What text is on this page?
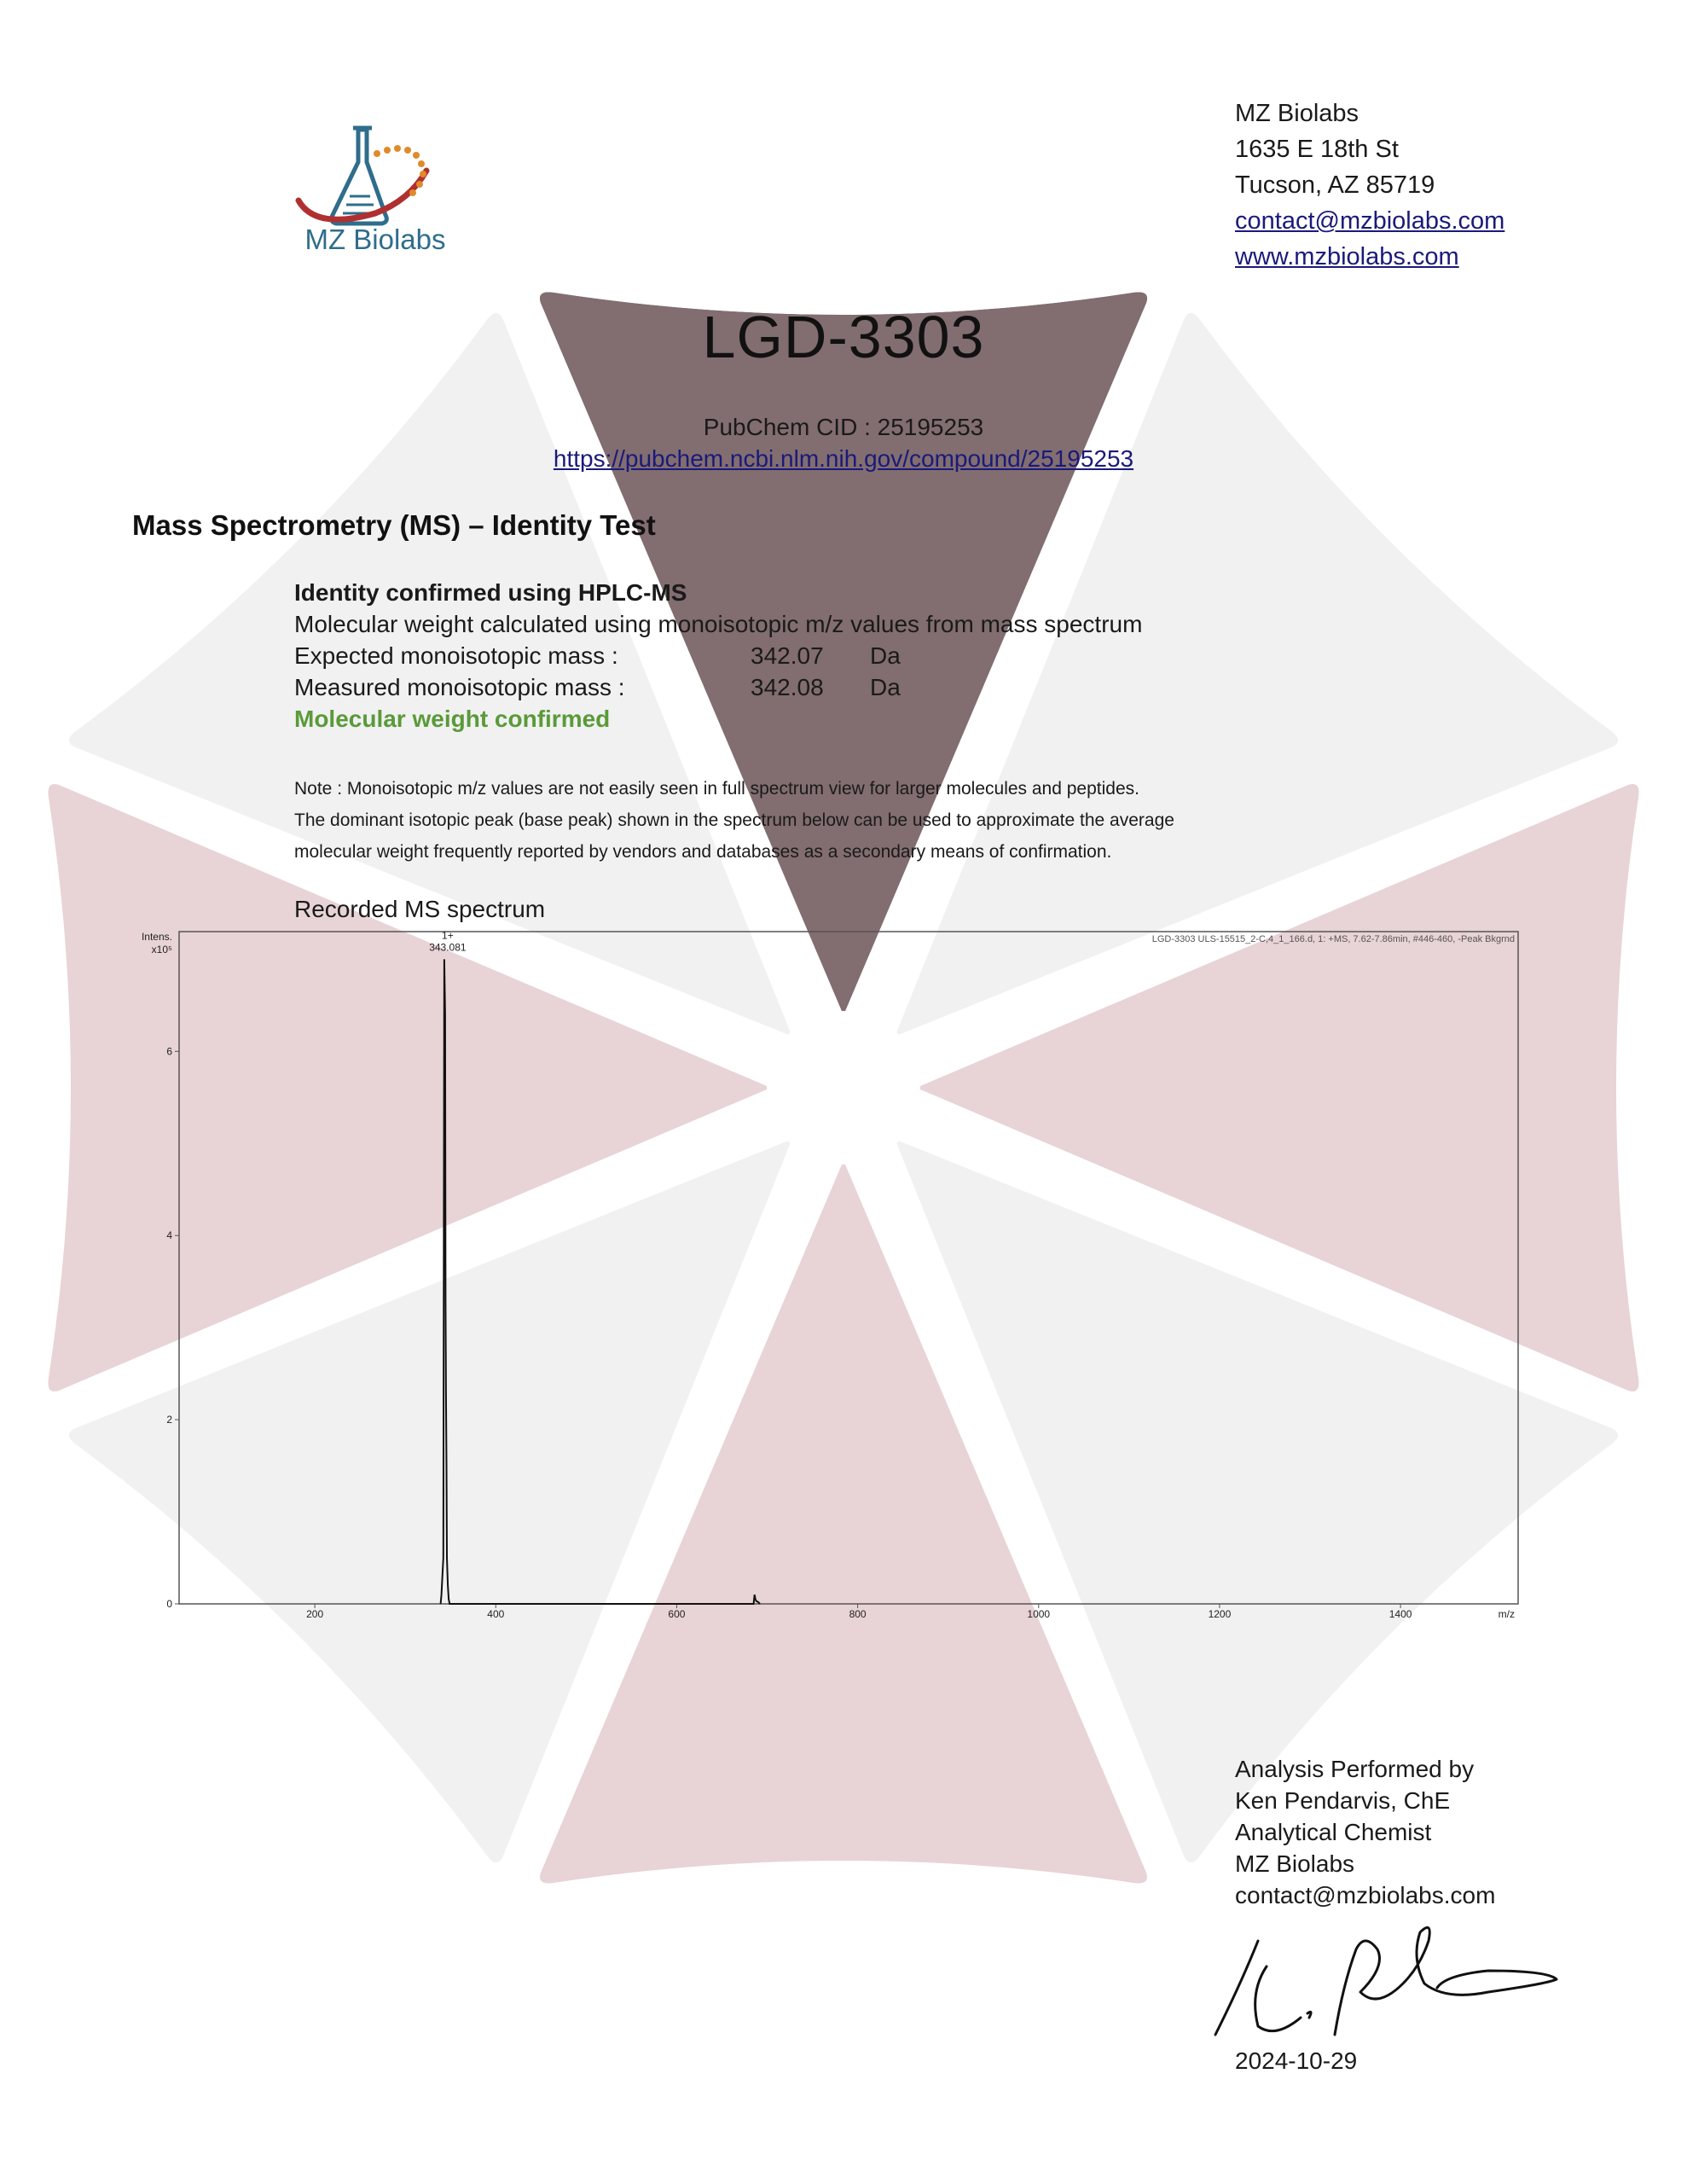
MZ Biolabs
MZ Biolabs
1635 E 18th St
Tucson, AZ 85719
contact@mzbiolabs.com
www.mzbiolabs.com
LGD-3303
PubChem CID : 25195253
https://pubchem.ncbi.nlm.nih.gov/compound/25195253
Mass Spectrometry (MS) – Identity Test
Identity confirmed using HPLC-MS
Molecular weight calculated using monoisotopic m/z values from mass spectrum
Expected monoisotopic mass :	342.07 Da
Measured monoisotopic mass :	342.08 Da
Molecular weight confirmed
Note : Monoisotopic m/z values are not easily seen in full spectrum view for larger molecules and peptides.
The dominant isotopic peak (base peak) shown in the spectrum below can be used to approximate the average
molecular weight frequently reported by vendors and databases as a secondary means of confirmation.
Recorded MS spectrum
LGD-3303 ULS-15515_2-C,4_1_166.d, 1: +MS, 7.62-7.86min, #446-460, -Peak Bkgrnd
Intens.
x10⁵
m/z
200	400	600	800	1000	1200	1400
0
2
4
6
1+
343.081
Analysis Performed by
Ken Pendarvis, ChE
Analytical Chemist
MZ Biolabs
contact@mzbiolabs.com
2024-10-29
